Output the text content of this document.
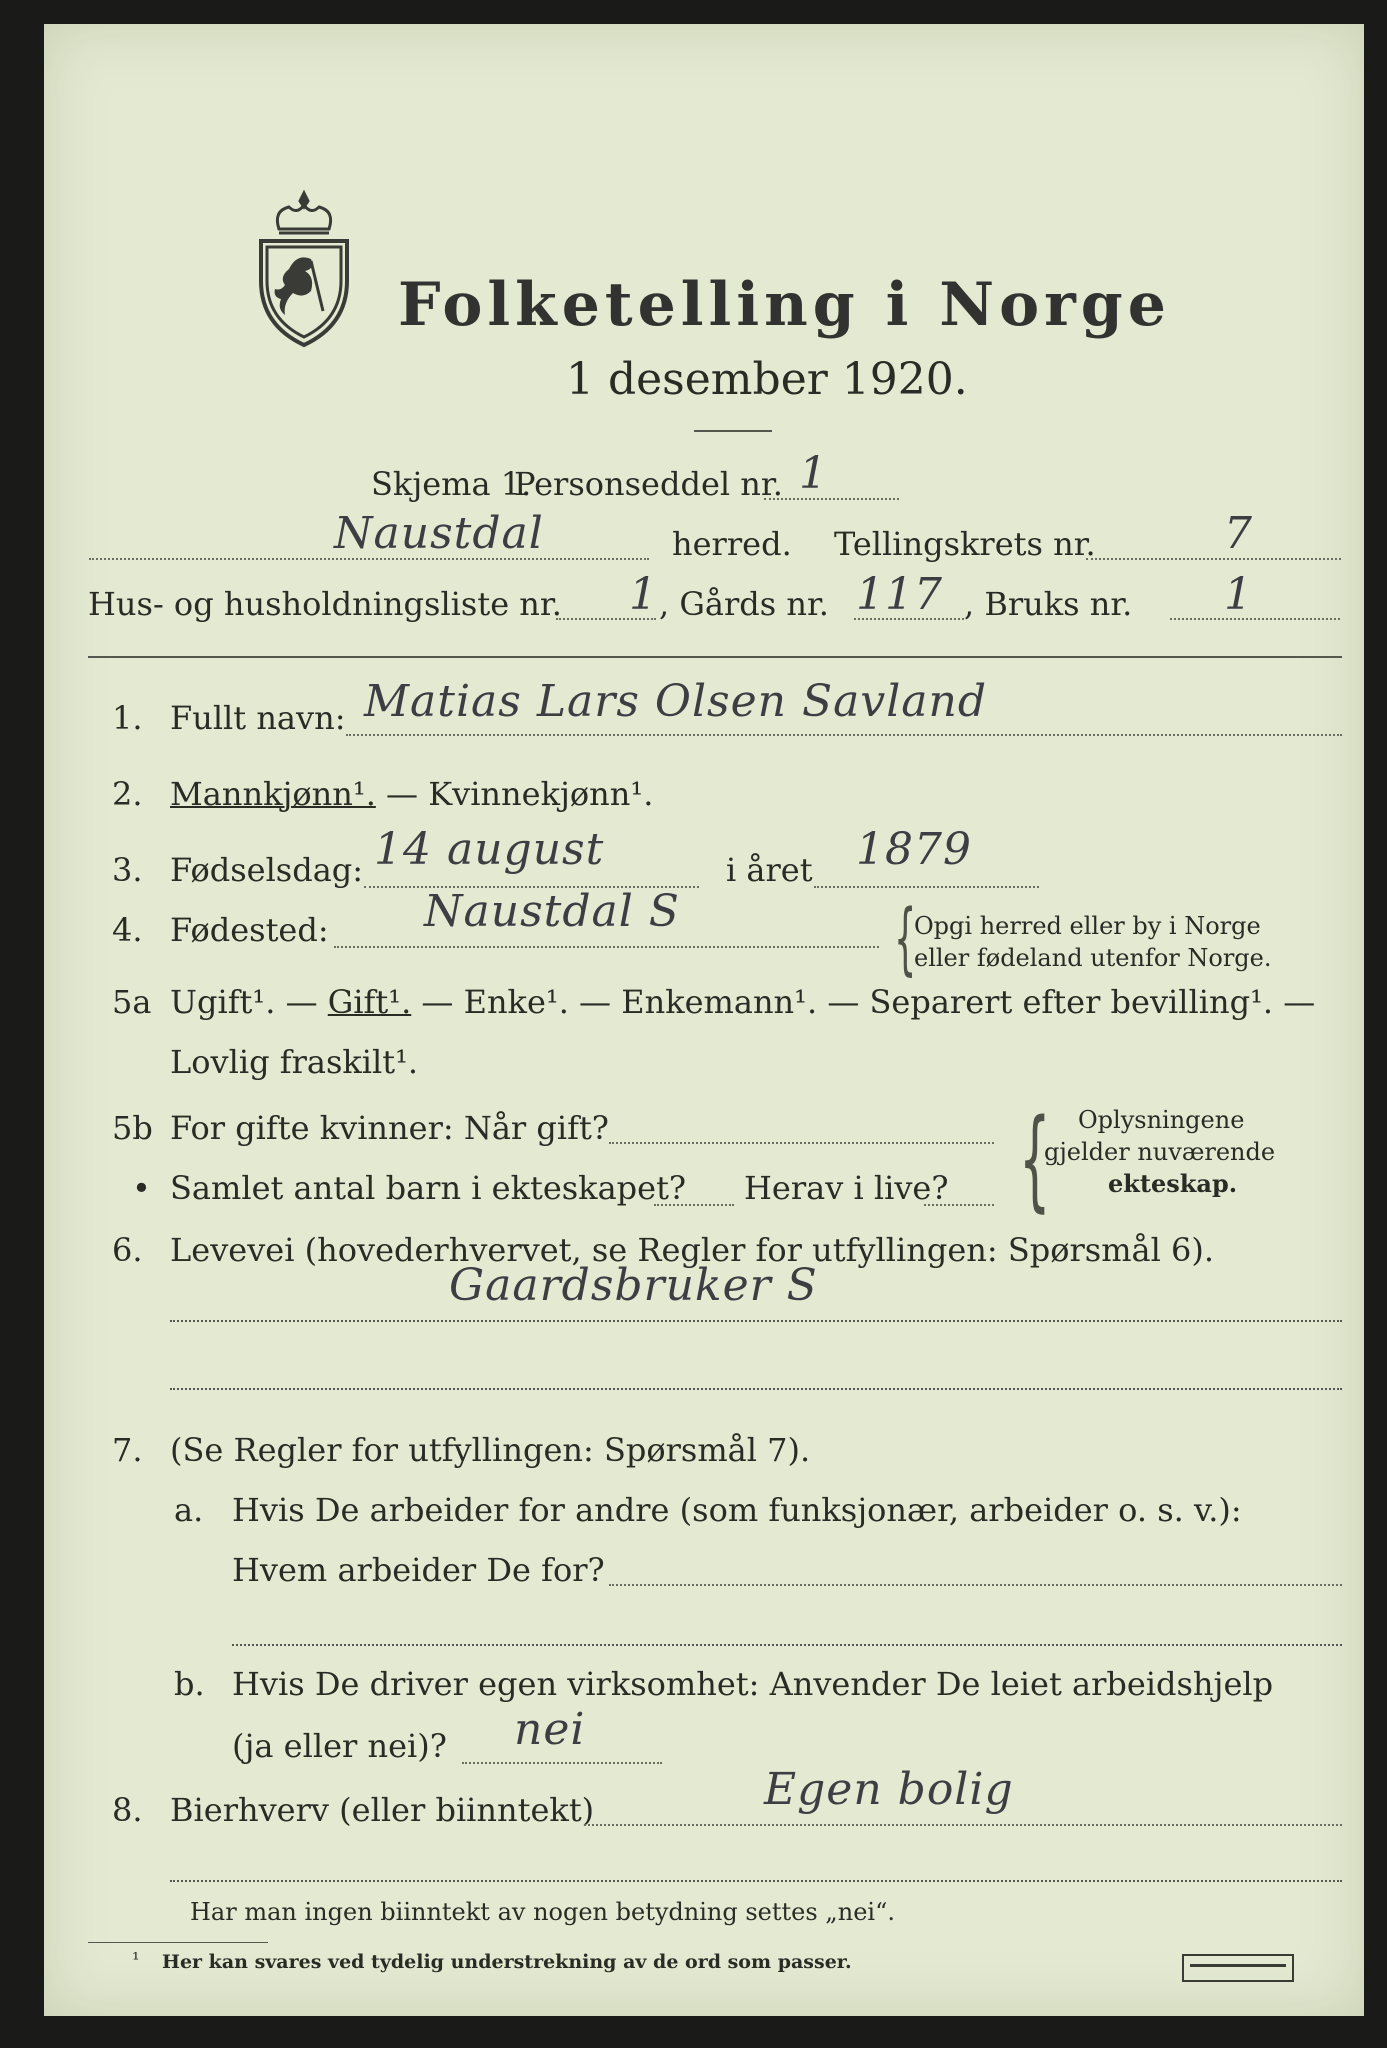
Folketelling i Norge
1 desember 1920.
Skjema 1.
Personseddel nr. 1
Naustdal	herred. Tellingskrets nr.	7
Hus- og husholdningsliste nr. 1 , Gårds nr. 117 , Bruks nr. 1
1. Fullt navn: Matias Lars Olsen Savland
2. Mannkjønn¹. — Kvinnekjønn¹.
3. Fødselsdag: 14 august	i året 1879
4. Fødested: Naustdal S	{
Opgi herred eller by i Norge
eller fødeland utenfor Norge.
5a Ugift¹. — Gift¹. — Enke¹. — Enkemann¹. — Separert efter bevilling¹. —
Lovlig fraskilt¹.
5b For gifte kvinner: Når gift?
• Samlet antal barn i ekteskapet? Herav i live? { Oplysningene
gjelder nuværende
ekteskap.
6. Levevei (hovederhvervet, se Regler for utfyllingen: Spørsmål 6).
Gaardsbruker S
7. (Se Regler for utfyllingen: Spørsmål 7).
a. Hvis De arbeider for andre (som funksjonær, arbeider o. s. v.):
Hvem arbeider De for?
b. Hvis De driver egen virksomhet: Anvender De leiet arbeidshjelp
(ja eller nei)? nei
8. Bierhverv (eller biinntekt)	Egen bolig
Har man ingen biinntekt av nogen betydning settes „nei“.
¹ Her kan svares ved tydelig understrekning av de ord som passer.
